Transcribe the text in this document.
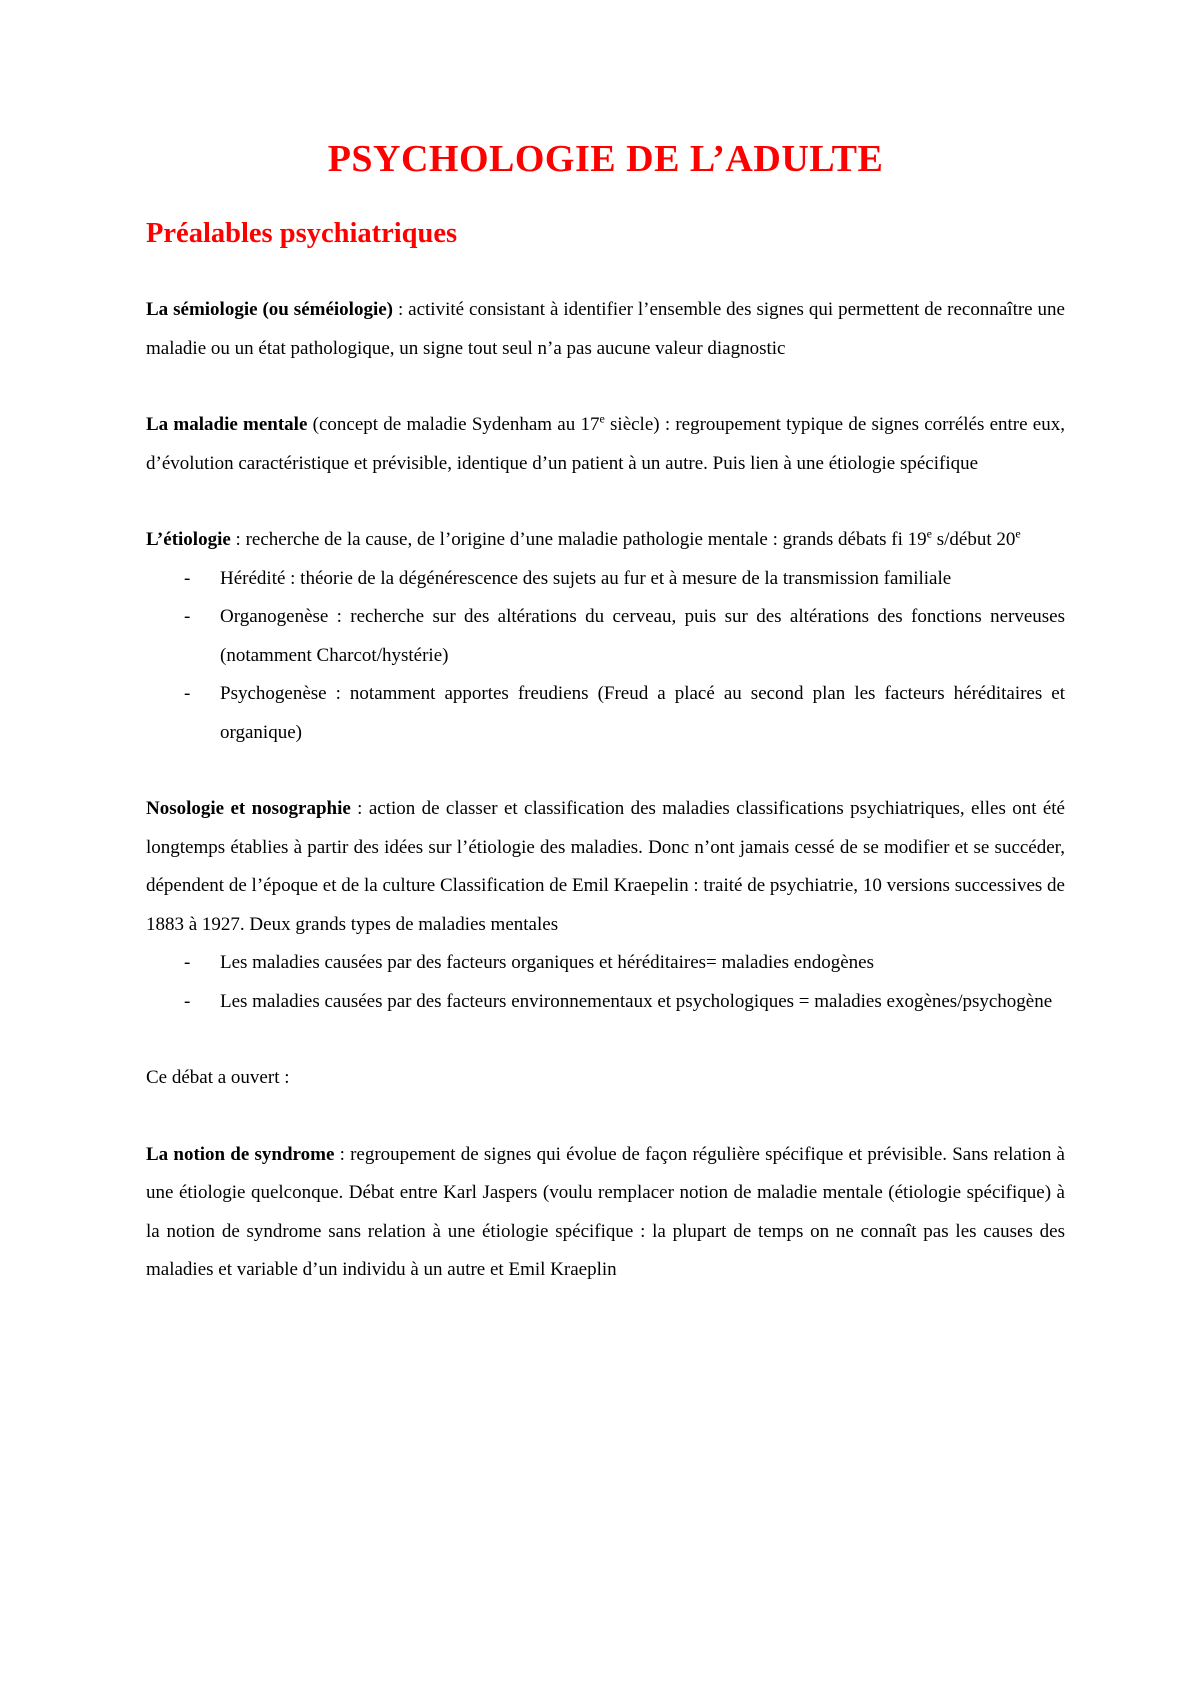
PSYCHOLOGIE DE L’ADULTE
Préalables psychiatriques

La sémiologie (ou séméiologie) : activité consistant à identifier l’ensemble des signes qui permettent de reconnaître une maladie ou un état pathologique, un signe tout seul n’a pas aucune valeur diagnostic

La maladie mentale (concept de maladie Sydenham au 17e siècle) : regroupement typique de signes corrélés entre eux, d’évolution caractéristique et prévisible, identique d’un patient à un autre. Puis lien à une étiologie spécifique

L’étiologie : recherche de la cause, de l’origine d’une maladie pathologie mentale : grands débats fi 19e s/début 20e

- Hérédité : théorie de la dégénérescence des sujets au fur et à mesure de la transmission familiale
- Organogenèse : recherche sur des altérations du cerveau, puis sur des altérations des fonctions nerveuses (notamment Charcot/hystérie)
- Psychogenèse : notamment apportes freudiens (Freud a placé au second plan les facteurs héréditaires et organique)

Nosologie et nosographie : action de classer et classification des maladies classifications psychiatriques, elles ont été longtemps établies à partir des idées sur l’étiologie des maladies. Donc n’ont jamais cessé de se modifier et se succéder, dépendent de l’époque et de la culture Classification de Emil Kraepelin : traité de psychiatrie, 10 versions successives de 1883 à 1927. Deux grands types de maladies mentales

- Les maladies causées par des facteurs organiques et héréditaires= maladies endogènes
- Les maladies causées par des facteurs environnementaux et psychologiques = maladies exogènes/psychogène

Ce débat a ouvert :

La notion de syndrome : regroupement de signes qui évolue de façon régulière spécifique et prévisible. Sans relation à une étiologie quelconque. Débat entre Karl Jaspers (voulu remplacer notion de maladie mentale (étiologie spécifique) à la notion de syndrome sans relation à une étiologie spécifique : la plupart de temps on ne connaît pas les causes des maladies et variable d’un individu à un autre et Emil Kraeplin
